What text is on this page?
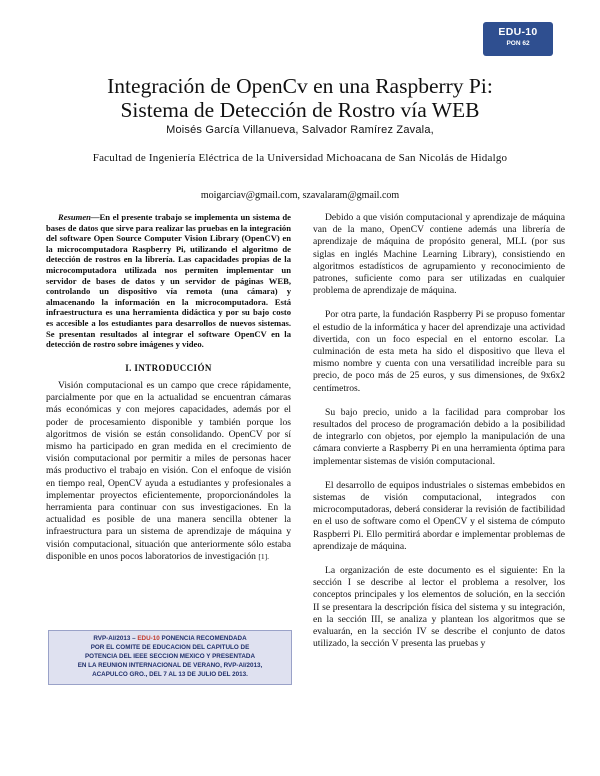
EDU-10
PON 62
Integración de OpenCv en una Raspberry Pi:
Sistema de Detección de Rostro vía WEB
Moisés García Villanueva, Salvador Ramírez Zavala,
Facultad de Ingeniería Eléctrica de la Universidad Michoacana de San Nicolás de Hidalgo
moigarciav@gmail.com, szavalaram@gmail.com

Resumen—En el presente trabajo se implementa un sistema de bases de datos que sirve para realizar las pruebas en la integración del software Open Source Computer Vision Library (OpenCV) en la microcomputadora Raspberry Pi, utilizando el algoritmo de detección de rostros en la librería. Las capacidades propias de la microcomputadora utilizada nos permiten implementar un servidor de bases de datos y un servidor de páginas WEB, controlando un dispositivo vía remota (una cámara) y almacenando la información en la microcomputadora. Está infraestructura es una herramienta didáctica y por su bajo costo es accesible a los estudiantes para desarrollos de nuevos sistemas. Se presentan resultados al integrar el software OpenCV en la detección de rostro sobre imágenes y video.

I. INTRODUCCIÓN

Visión computacional es un campo que crece rápidamente, parcialmente por que en la actualidad se encuentran cámaras más económicas y con mejores capacidades, además por el poder de procesamiento disponible y también porque los algoritmos de visión se están consolidando. OpenCV por sí mismo ha participado en gran medida en el crecimiento de visión computacional por permitir a miles de personas hacer más productivo el trabajo en visión. Con el enfoque de visión en tiempo real, OpenCV ayuda a estudiantes y profesionales a implementar proyectos eficientemente, proporcionándoles la herramienta para continuar con sus investigaciones. En la actualidad es posible de una manera sencilla obtener la infraestructura para un sistema de aprendizaje de máquina y visión computacional, situación que anteriormente sólo estaba disponible en unos pocos laboratorios de investigación [1].

RVP-AI/2013 – EDU-10 PONENCIA RECOMENDADA
POR EL COMITE DE EDUCACION DEL CAPITULO DE
POTENCIA DEL IEEE SECCION MEXICO Y PRESENTADA
EN LA REUNION INTERNACIONAL DE VERANO, RVP-AI/2013,
ACAPULCO GRO., DEL 7 AL 13 DE JULIO DEL 2013.

Debido a que visión computacional y aprendizaje de máquina van de la mano, OpenCV contiene además una librería de aprendizaje de máquina de propósito general, MLL (por sus siglas en inglés Machine Learning Library), consistiendo en algoritmos estadísticos de agrupamiento y reconocimiento de patrones, suficiente como para ser utilizadas en cualquier problema de aprendizaje de máquina.

Por otra parte, la fundación Raspberry Pi se propuso fomentar el estudio de la informática y hacer del aprendizaje una actividad divertida, con un foco especial en el entorno escolar. La culminación de esta meta ha sido el dispositivo que lleva el mismo nombre y cuenta con una versatilidad increíble para su precio, de poco más de 25 euros, y sus dimensiones, de 9x6x2 centímetros.

Su bajo precio, unido a la facilidad para comprobar los resultados del proceso de programación debido a la posibilidad de integrarlo con objetos, por ejemplo la manipulación de una cámara convierte a Raspberry Pi en una herramienta óptima para implementar sistemas de visión computacional.

El desarrollo de equipos industriales o sistemas embebidos en sistemas de visión computacional, integrados con microcomputadoras, deberá considerar la revisión de factibilidad en el uso de software como el OpenCV y el sistema de cómputo Raspberri Pi. Ello permitirá abordar e implementar problemas de aprendizaje de máquina.

La organización de este documento es el siguiente: En la sección I se describe al lector el problema a resolver, los conceptos principales y los elementos de solución, en la sección II se presentara la descripción física del sistema y su integración, en la sección III, se analiza y plantean los algoritmos que se evaluarán, en la sección IV se describe el conjunto de datos utilizado, la sección V presenta las pruebas y
